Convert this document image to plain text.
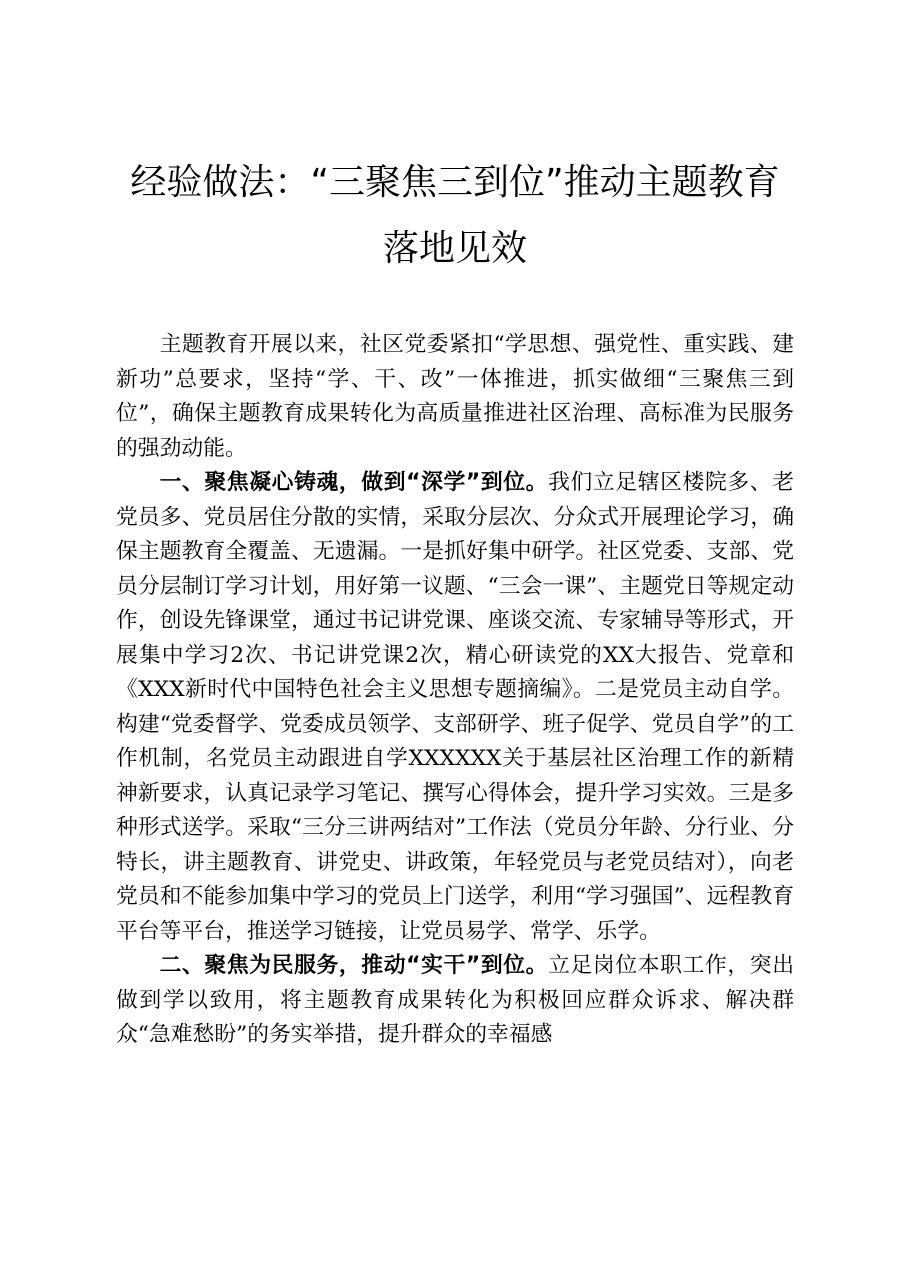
经验做法：“三聚焦三到位”推动主题教育落地见效

主题教育开展以来，社区党委紧扣“学思想、强党性、重实践、建新功”总要求，坚持“学、干、改”一体推进，抓实做细“三聚焦三到位”，确保主题教育成果转化为高质量推进社区治理、高标准为民服务的强劲动能。

一、聚焦凝心铸魂，做到“深学”到位。我们立足辖区楼院多、老党员多、党员居住分散的实情，采取分层次、分众式开展理论学习，确保主题教育全覆盖、无遗漏。一是抓好集中研学。社区党委、支部、党员分层制订学习计划，用好第一议题、“三会一课”、主题党日等规定动作，创设先锋课堂，通过书记讲党课、座谈交流、专家辅导等形式，开展集中学习2次、书记讲党课2次，精心研读党的XX大报告、党章和《XXX新时代中国特色社会主义思想专题摘编》。二是党员主动自学。构建“党委督学、党委成员领学、支部研学、班子促学、党员自学”的工作机制，名党员主动跟进自学XXXXXX关于基层社区治理工作的新精神新要求，认真记录学习笔记、撰写心得体会，提升学习实效。三是多种形式送学。采取“三分三讲两结对”工作法（党员分年龄、分行业、分特长，讲主题教育、讲党史、讲政策，年轻党员与老党员结对），向老党员和不能参加集中学习的党员上门送学，利用“学习强国”、远程教育平台等平台，推送学习链接，让党员易学、常学、乐学。

二、聚焦为民服务，推动“实干”到位。立足岗位本职工作，突出做到学以致用，将主题教育成果转化为积极回应群众诉求、解决群众“急难愁盼”的务实举措，提升群众的幸福感
